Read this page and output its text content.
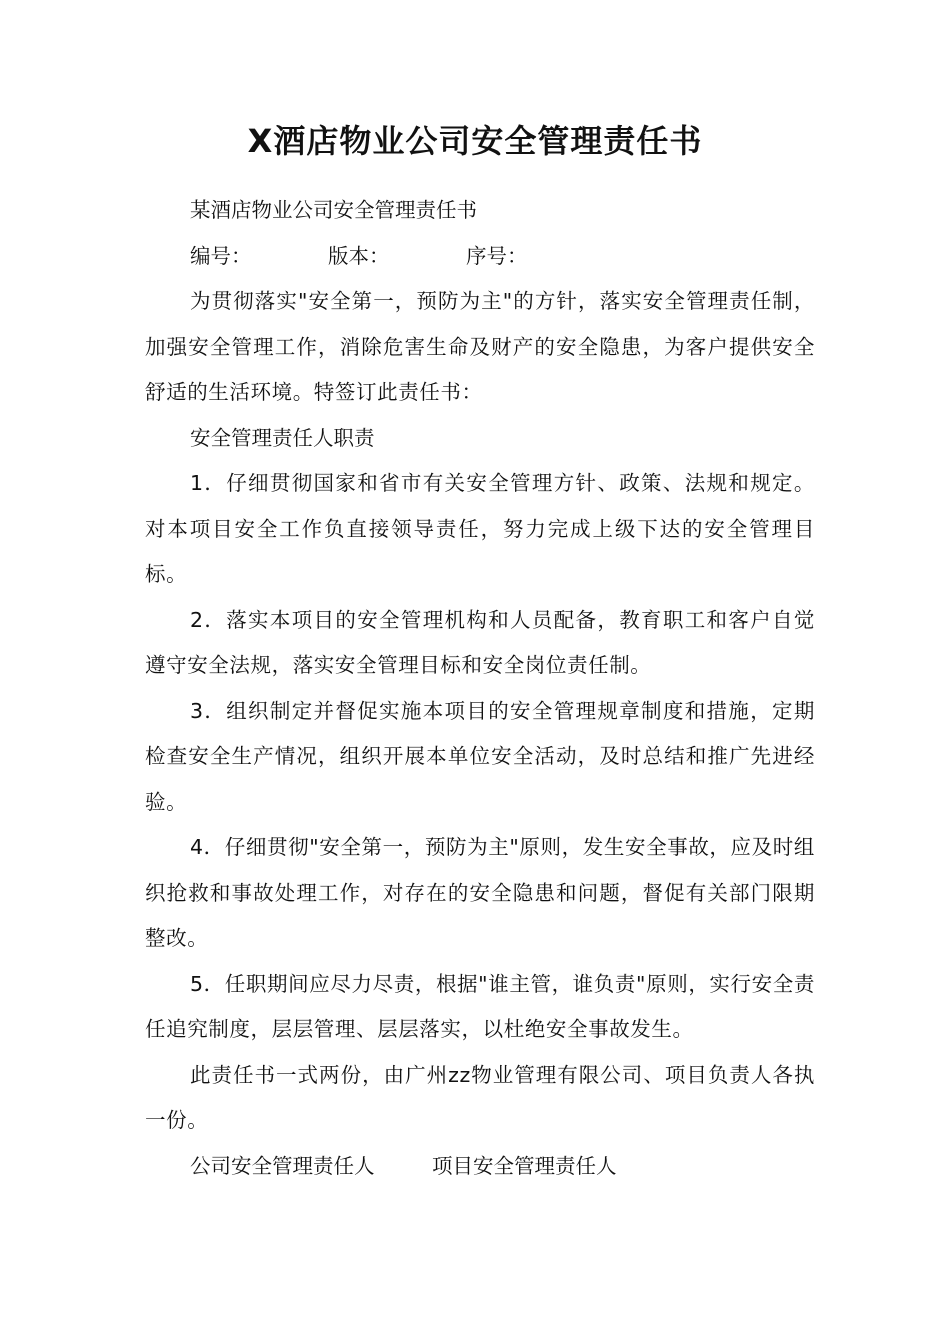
X酒店物业公司安全管理责任书

某酒店物业公司安全管理责任书

编号：	版本：	序号：

为贯彻落实"安全第一，预防为主"的方针，落实安全管理责任制，加强安全管理工作，消除危害生命及财产的安全隐患，为客户提供安全舒适的生活环境。特签订此责任书：

安全管理责任人职责

1．仔细贯彻国家和省市有关安全管理方针、政策、法规和规定。对本项目安全工作负直接领导责任，努力完成上级下达的安全管理目标。

2．落实本项目的安全管理机构和人员配备，教育职工和客户自觉遵守安全法规，落实安全管理目标和安全岗位责任制。

3．组织制定并督促实施本项目的安全管理规章制度和措施，定期检查安全生产情况，组织开展本单位安全活动，及时总结和推广先进经验。

4．仔细贯彻"安全第一，预防为主"原则，发生安全事故，应及时组织抢救和事故处理工作，对存在的安全隐患和问题，督促有关部门限期整改。

5．任职期间应尽力尽责，根据"谁主管，谁负责"原则，实行安全责任追究制度，层层管理、层层落实，以杜绝安全事故发生。

此责任书一式两份，由广州zz物业管理有限公司、项目负责人各执一份。

公司安全管理责任人	项目安全管理责任人
